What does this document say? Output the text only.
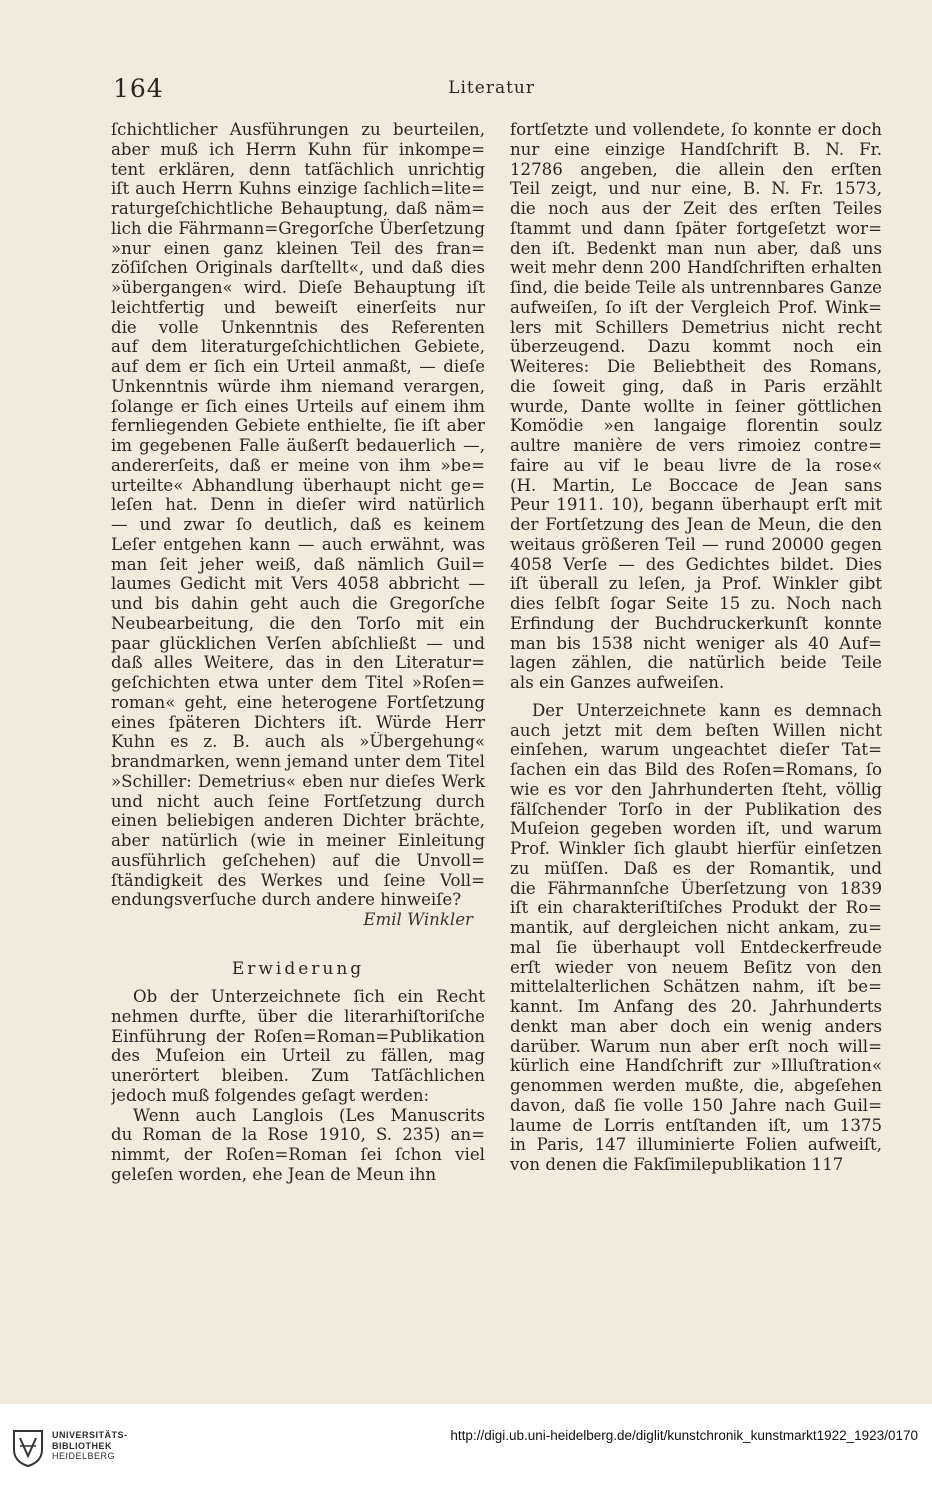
164	Literatur
ſchichtlicher Ausführungen zu beurteilen,
aber muß ich Herrn Kuhn für inkompe=
tent erklären, denn tatſächlich unrichtig
iſt auch Herrn Kuhns einzige ſachlich=lite=
raturgeſchichtliche Behauptung, daß näm=
lich die Fährmann=Gregorſche Überſetzung
»nur einen ganz kleinen Teil des fran=
zöſiſchen Originals darſtellt«, und daß dies
»übergangen« wird. Dieſe Behauptung iſt
leichtfertig und beweiſt einerſeits nur
die volle Unkenntnis des Referenten
auf dem literaturgeſchichtlichen Gebiete,
auf dem er ſich ein Urteil anmaßt, — dieſe
Unkenntnis würde ihm niemand verargen,
ſolange er ſich eines Urteils auf einem ihm
fernliegenden Gebiete enthielte, ſie iſt aber
im gegebenen Falle äußerſt bedauerlich —,
andererſeits, daß er meine von ihm »be=
urteilte« Abhandlung überhaupt nicht ge=
leſen hat. Denn in dieſer wird natürlich
— und zwar ſo deutlich, daß es keinem
Leſer entgehen kann — auch erwähnt, was
man ſeit jeher weiß, daß nämlich Guil=
laumes Gedicht mit Vers 4058 abbricht —
und bis dahin geht auch die Gregorſche
Neubearbeitung, die den Torſo mit ein
paar glücklichen Verſen abſchließt — und
daß alles Weitere, das in den Literatur=
geſchichten etwa unter dem Titel »Roſen=
roman« geht, eine heterogene Fortſetzung
eines ſpäteren Dichters iſt. Würde Herr
Kuhn es z. B. auch als »Übergehung«
brandmarken, wenn jemand unter dem Titel
»Schiller: Demetrius« eben nur dieſes Werk
und nicht auch ſeine Fortſetzung durch
einen beliebigen anderen Dichter brächte,
aber natürlich (wie in meiner Einleitung
ausführlich geſchehen) auf die Unvoll=
ſtändigkeit des Werkes und ſeine Voll=
endungsverſuche durch andere hinweiſe?
Emil Winkler
Erwiderung
Ob der Unterzeichnete ſich ein Recht
nehmen durfte, über die literarhiſtoriſche
Einführung der Roſen=Roman=Publikation
des Muſeion ein Urteil zu fällen, mag
unerörtert bleiben. Zum Tatſächlichen
jedoch muß folgendes geſagt werden:
Wenn auch Langlois (Les Manuscrits
du Roman de la Rose 1910, S. 235) an=
nimmt, der Roſen=Roman ſei ſchon viel
geleſen worden, ehe Jean de Meun ihn
fortſetzte und vollendete, ſo konnte er doch
nur eine einzige Handſchrift B. N. Fr.
12786 angeben, die allein den erſten
Teil zeigt, und nur eine, B. N. Fr. 1573,
die noch aus der Zeit des erſten Teiles
ſtammt und dann ſpäter fortgeſetzt wor=
den iſt. Bedenkt man nun aber, daß uns
weit mehr denn 200 Handſchriften erhalten
ſind, die beide Teile als untrennbares Ganze
aufweiſen, ſo iſt der Vergleich Prof. Wink=
lers mit Schillers Demetrius nicht recht
überzeugend. Dazu kommt noch ein
Weiteres: Die Beliebtheit des Romans,
die ſoweit ging, daß in Paris erzählt
wurde, Dante wollte in ſeiner göttlichen
Komödie »en langaige florentin soulz
aultre manière de vers rimoiez contre=
faire au vif le beau livre de la rose«
(H. Martin, Le Boccace de Jean sans
Peur 1911. 10), begann überhaupt erſt mit
der Fortſetzung des Jean de Meun, die den
weitaus größeren Teil — rund 20000 gegen
4058 Verſe — des Gedichtes bildet. Dies
iſt überall zu leſen, ja Prof. Winkler gibt
dies ſelbſt ſogar Seite 15 zu. Noch nach
Erfindung der Buchdruckerkunſt konnte
man bis 1538 nicht weniger als 40 Auf=
lagen zählen, die natürlich beide Teile
als ein Ganzes aufweiſen.
Der Unterzeichnete kann es demnach
auch jetzt mit dem beſten Willen nicht
einſehen, warum ungeachtet dieſer Tat=
ſachen ein das Bild des Roſen=Romans, ſo
wie es vor den Jahrhunderten ſteht, völlig
fälſchender Torſo in der Publikation des
Muſeion gegeben worden iſt, und warum
Prof. Winkler ſich glaubt hierfür einſetzen
zu müſſen. Daß es der Romantik, und
die Fährmannſche Überſetzung von 1839
iſt ein charakteriſtiſches Produkt der Ro=
mantik, auf dergleichen nicht ankam, zu=
mal ſie überhaupt voll Entdeckerfreude
erſt wieder von neuem Beſitz von den
mittelalterlichen Schätzen nahm, iſt be=
kannt. Im Anfang des 20. Jahrhunderts
denkt man aber doch ein wenig anders
darüber. Warum nun aber erſt noch will=
kürlich eine Handſchrift zur »Illuſtration«
genommen werden mußte, die, abgeſehen
davon, daß ſie volle 150 Jahre nach Guil=
laume de Lorris entſtanden iſt, um 1375
in Paris, 147 illuminierte Folien aufweiſt,
von denen die Fakſimilepublikation 117
UNIVERSITÄTS-
BIBLIOTHEK
HEIDELBERG
http://digi.ub.uni-heidelberg.de/diglit/kunstchronik_kunstmarkt1922_1923/0170
